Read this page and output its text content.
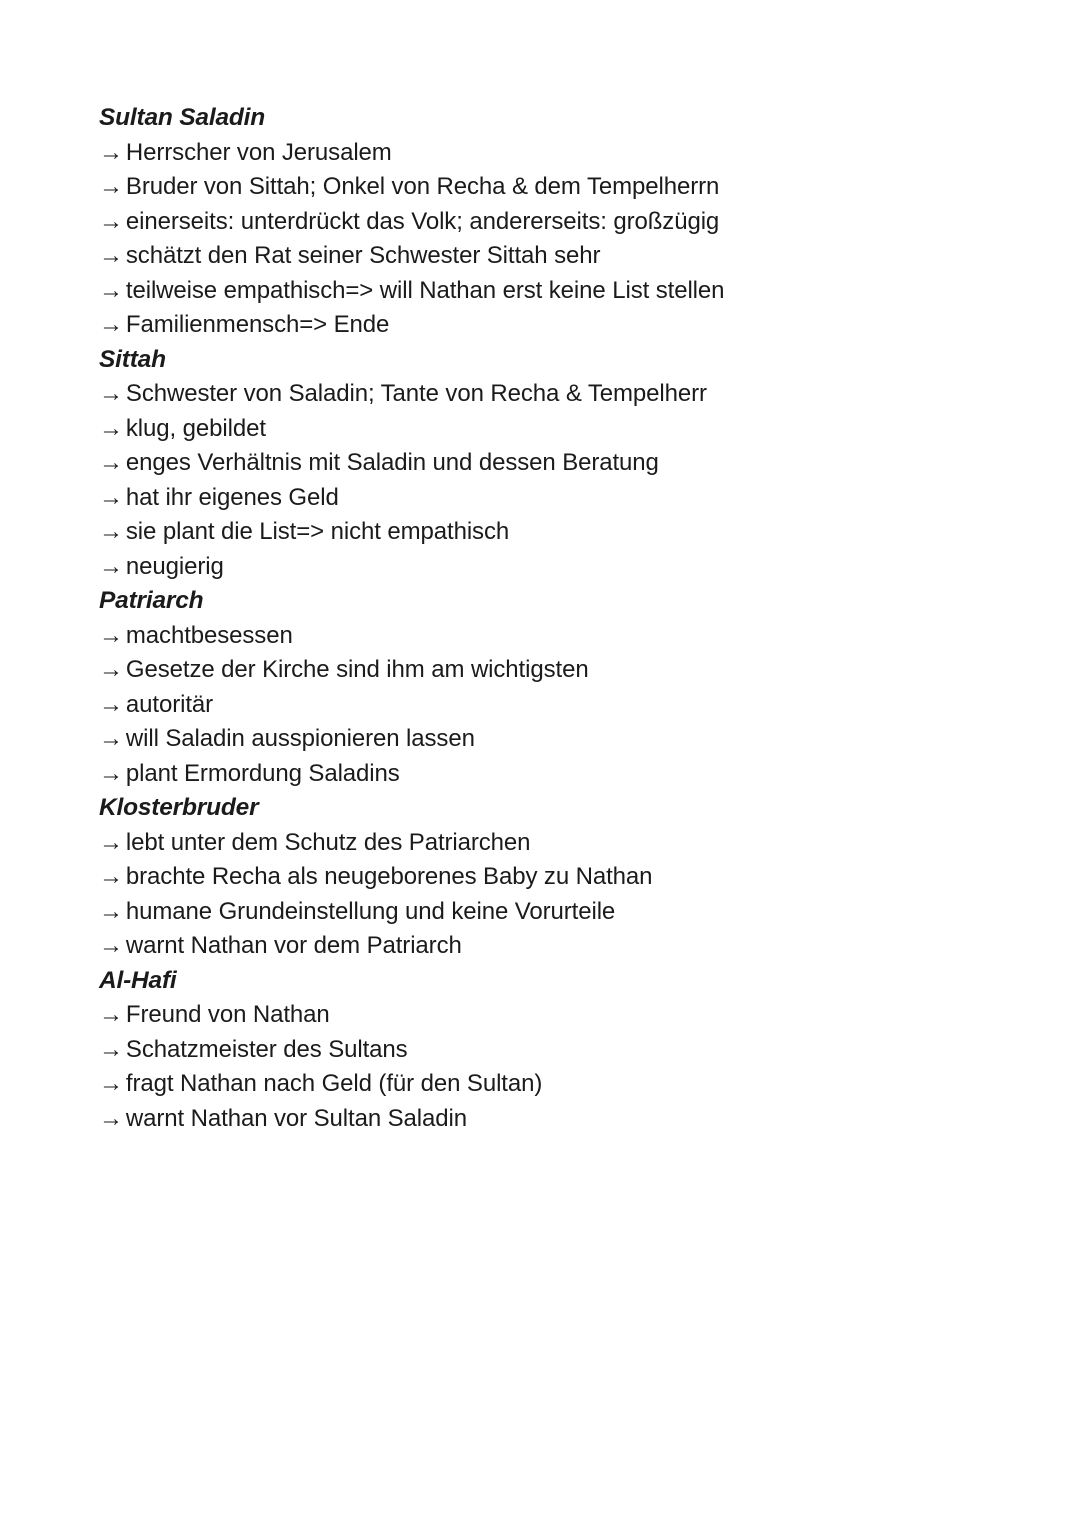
Sultan Saladin
→ Herrscher von Jerusalem
→ Bruder von Sittah; Onkel von Recha & dem Tempelherrn
→ einerseits: unterdrückt das Volk; andererseits: großzügig
→ schätzt den Rat seiner Schwester Sittah sehr
→ teilweise empathisch=> will Nathan erst keine List stellen
→ Familienmensch=> Ende
Sittah
→ Schwester von Saladin; Tante von Recha & Tempelherr
→ klug, gebildet
→ enges Verhältnis mit Saladin und dessen Beratung
→ hat ihr eigenes Geld
→ sie plant die List=> nicht empathisch
→ neugierig
Patriarch
→ machtbesessen
→ Gesetze der Kirche sind ihm am wichtigsten
→ autoritär
→ will Saladin ausspionieren lassen
→ plant Ermordung Saladins
Klosterbruder
→ lebt unter dem Schutz des Patriarchen
→ brachte Recha als neugeborenes Baby zu Nathan
→ humane Grundeinstellung und keine Vorurteile
→ warnt Nathan vor dem Patriarch
Al-Hafi
→ Freund von Nathan
→ Schatzmeister des Sultans
→ fragt Nathan nach Geld (für den Sultan)
→ warnt Nathan vor Sultan Saladin
